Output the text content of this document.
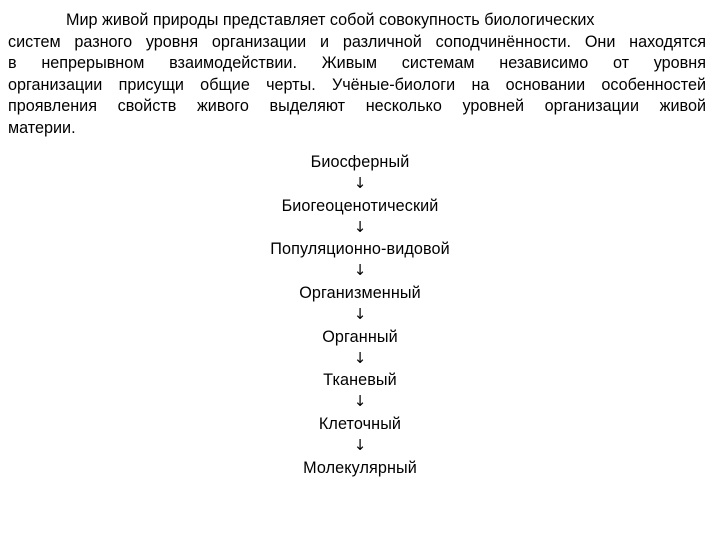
Мир живой природы представляет собой совокупность биологических
систем разного уровня организации и различной соподчинённости. Они находятся
в непрерывном взаимодействии. Живым системам независимо от уровня
организации присущи общие черты. Учёные-биологи на основании особенностей
проявления свойств живого выделяют несколько уровней организации живой
материи.
Биосферный
↓
Биогеоценотический
↓
Популяционно-видовой
↓
Организменный
↓
Органный
↓
Тканевый
↓
Клеточный
↓
Молекулярный
